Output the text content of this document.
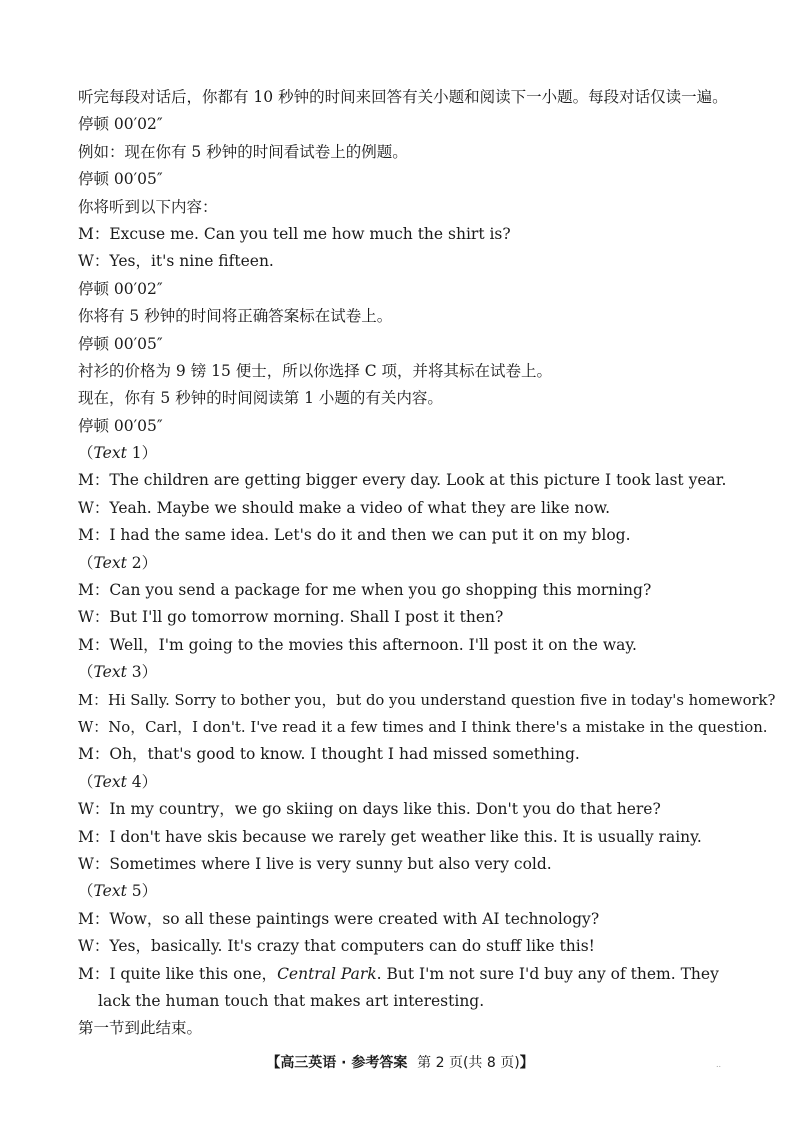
听完每段对话后，你都有 10 秒钟的时间来回答有关小题和阅读下一小题。每段对话仅读一遍。
停顿 00′02″
例如：现在你有 5 秒钟的时间看试卷上的例题。
停顿 00′05″
你将听到以下内容：
M：Excuse me. Can you tell me how much the shirt is?
W：Yes，it's nine fifteen.
停顿 00′02″
你将有 5 秒钟的时间将正确答案标在试卷上。
停顿 00′05″
衬衫的价格为 9 镑 15 便士，所以你选择 C 项，并将其标在试卷上。
现在，你有 5 秒钟的时间阅读第 1 小题的有关内容。
停顿 00′05″
（Text 1）
M：The children are getting bigger every day. Look at this picture I took last year.
W：Yeah. Maybe we should make a video of what they are like now.
M：I had the same idea. Let's do it and then we can put it on my blog.
（Text 2）
M：Can you send a package for me when you go shopping this morning?
W：But I'll go tomorrow morning. Shall I post it then?
M：Well，I'm going to the movies this afternoon. I'll post it on the way.
（Text 3）
M：Hi Sally. Sorry to bother you，but do you understand question five in today's homework?
W：No，Carl，I don't. I've read it a few times and I think there's a mistake in the question.
M：Oh，that's good to know. I thought I had missed something.
（Text 4）
W：In my country，we go skiing on days like this. Don't you do that here?
M：I don't have skis because we rarely get weather like this. It is usually rainy.
W：Sometimes where I live is very sunny but also very cold.
（Text 5）
M：Wow，so all these paintings were created with AI technology?
W：Yes，basically. It's crazy that computers can do stuff like this!
M：I quite like this one，Central Park. But I'm not sure I'd buy any of them. They lack the human touch that makes art interesting.
第一节到此结束。
【高三英语 · 参考答案 第 2 页(共 8 页)】	..
